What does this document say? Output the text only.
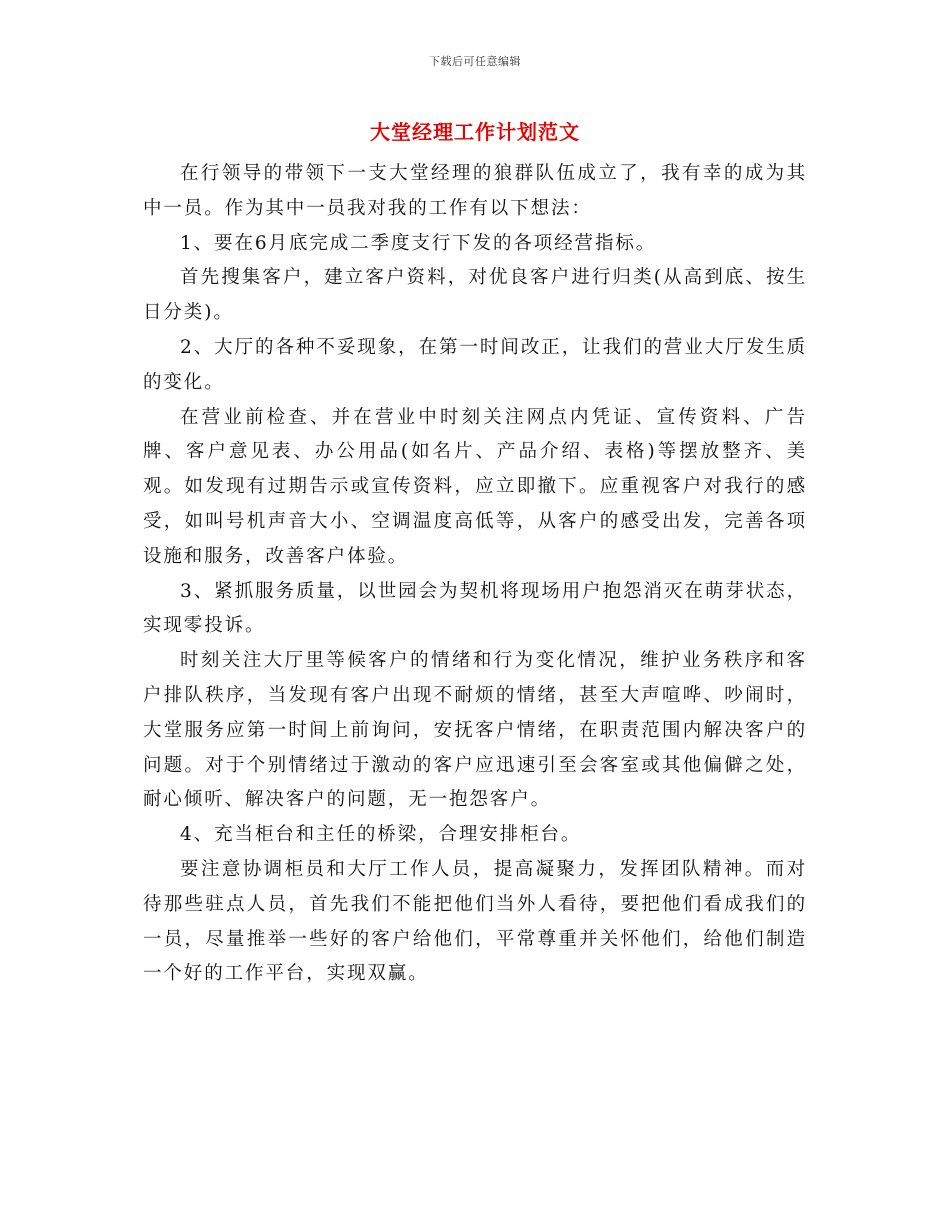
下载后可任意编辑
大堂经理工作计划范文

在行领导的带领下一支大堂经理的狼群队伍成立了，我有幸的成为其中一员。作为其中一员我对我的工作有以下想法：

1、要在6月底完成二季度支行下发的各项经营指标。

首先搜集客户，建立客户资料，对优良客户进行归类(从高到底、按生日分类)。

2、大厅的各种不妥现象，在第一时间改正，让我们的营业大厅发生质的变化。

在营业前检查、并在营业中时刻关注网点内凭证、宣传资料、广告牌、客户意见表、办公用品(如名片、产品介绍、表格)等摆放整齐、美观。如发现有过期告示或宣传资料，应立即撤下。应重视客户对我行的感受，如叫号机声音大小、空调温度高低等，从客户的感受出发，完善各项设施和服务，改善客户体验。

3、紧抓服务质量，以世园会为契机将现场用户抱怨消灭在萌芽状态，实现零投诉。

时刻关注大厅里等候客户的情绪和行为变化情况，维护业务秩序和客户排队秩序，当发现有客户出现不耐烦的情绪，甚至大声喧哗、吵闹时，大堂服务应第一时间上前询问，安抚客户情绪，在职责范围内解决客户的问题。对于个别情绪过于激动的客户应迅速引至会客室或其他偏僻之处，耐心倾听、解决客户的问题，无一抱怨客户。

4、充当柜台和主任的桥梁，合理安排柜台。

要注意协调柜员和大厅工作人员，提高凝聚力，发挥团队精神。而对待那些驻点人员，首先我们不能把他们当外人看待，要把他们看成我们的一员，尽量推举一些好的客户给他们，平常尊重并关怀他们，给他们制造一个好的工作平台，实现双赢。
